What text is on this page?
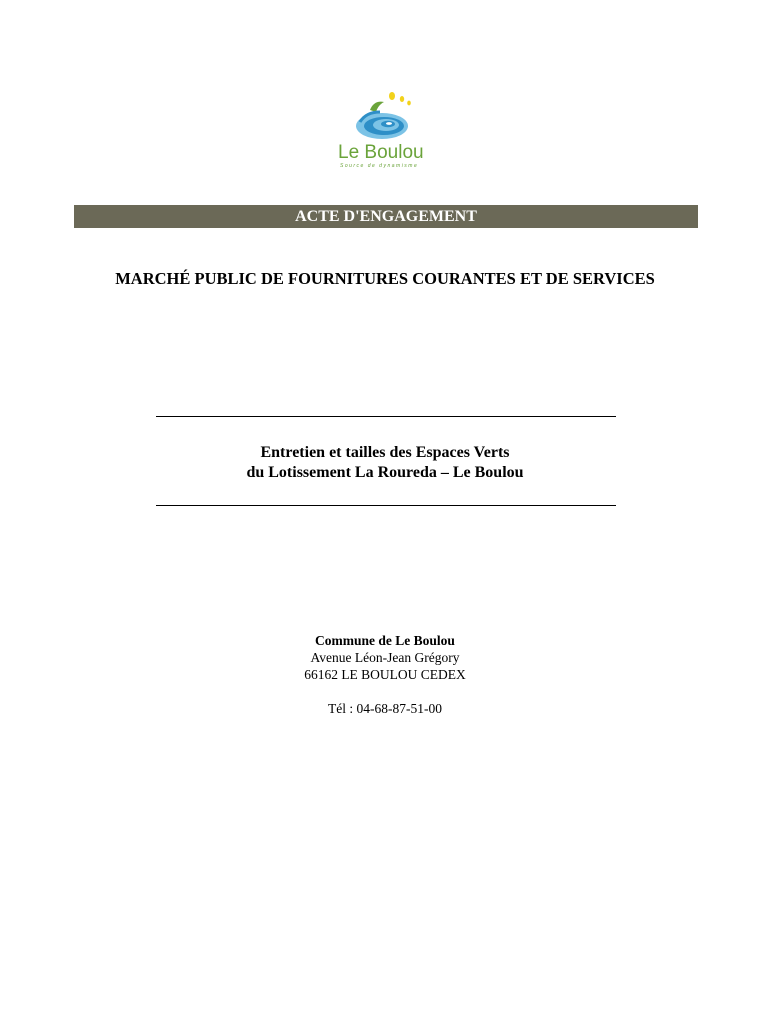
Le Boulou
Source de dynamisme
ACTE D'ENGAGEMENT
MARCHÉ PUBLIC DE FOURNITURES COURANTES ET DE SERVICES
Entretien et tailles des Espaces Verts
du Lotissement La Roureda – Le Boulou
Commune de Le Boulou
Avenue Léon-Jean Grégory
66162 LE BOULOU CEDEX
Tél : 04-68-87-51-00
